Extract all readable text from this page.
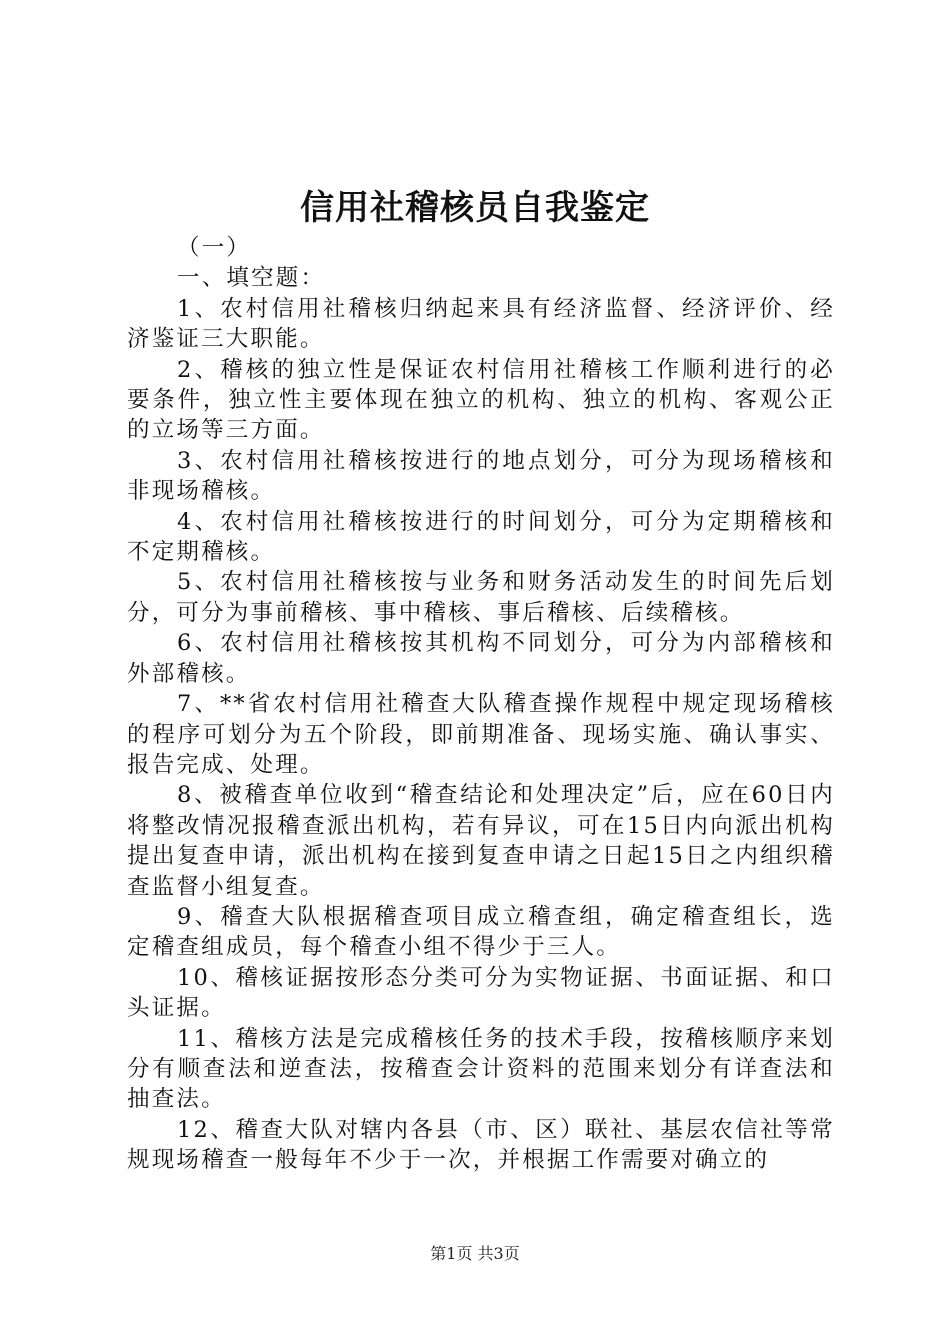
信用社稽核员自我鉴定

（一）

一、填空题：

1、农村信用社稽核归纳起来具有经济监督、经济评价、经济鉴证三大职能。

2、稽核的独立性是保证农村信用社稽核工作顺利进行的必要条件，独立性主要体现在独立的机构、独立的机构、客观公正的立场等三方面。

3、农村信用社稽核按进行的地点划分，可分为现场稽核和非现场稽核。

4、农村信用社稽核按进行的时间划分，可分为定期稽核和不定期稽核。

5、农村信用社稽核按与业务和财务活动发生的时间先后划分，可分为事前稽核、事中稽核、事后稽核、后续稽核。

6、农村信用社稽核按其机构不同划分，可分为内部稽核和外部稽核。

7、**省农村信用社稽查大队稽查操作规程中规定现场稽核的程序可划分为五个阶段，即前期准备、现场实施、确认事实、报告完成、处理。

8、被稽查单位收到“稽查结论和处理决定”后，应在60日内将整改情况报稽查派出机构，若有异议，可在15日内向派出机构提出复查申请，派出机构在接到复查申请之日起15日之内组织稽查监督小组复查。

9、稽查大队根据稽查项目成立稽查组，确定稽查组长，选定稽查组成员，每个稽查小组不得少于三人。

10、稽核证据按形态分类可分为实物证据、书面证据、和口头证据。

11、稽核方法是完成稽核任务的技术手段，按稽核顺序来划分有顺查法和逆查法，按稽查会计资料的范围来划分有详查法和抽查法。

12、稽查大队对辖内各县（市、区）联社、基层农信社等常规现场稽查一般每年不少于一次，并根据工作需要对确立的

第1页 共3页
